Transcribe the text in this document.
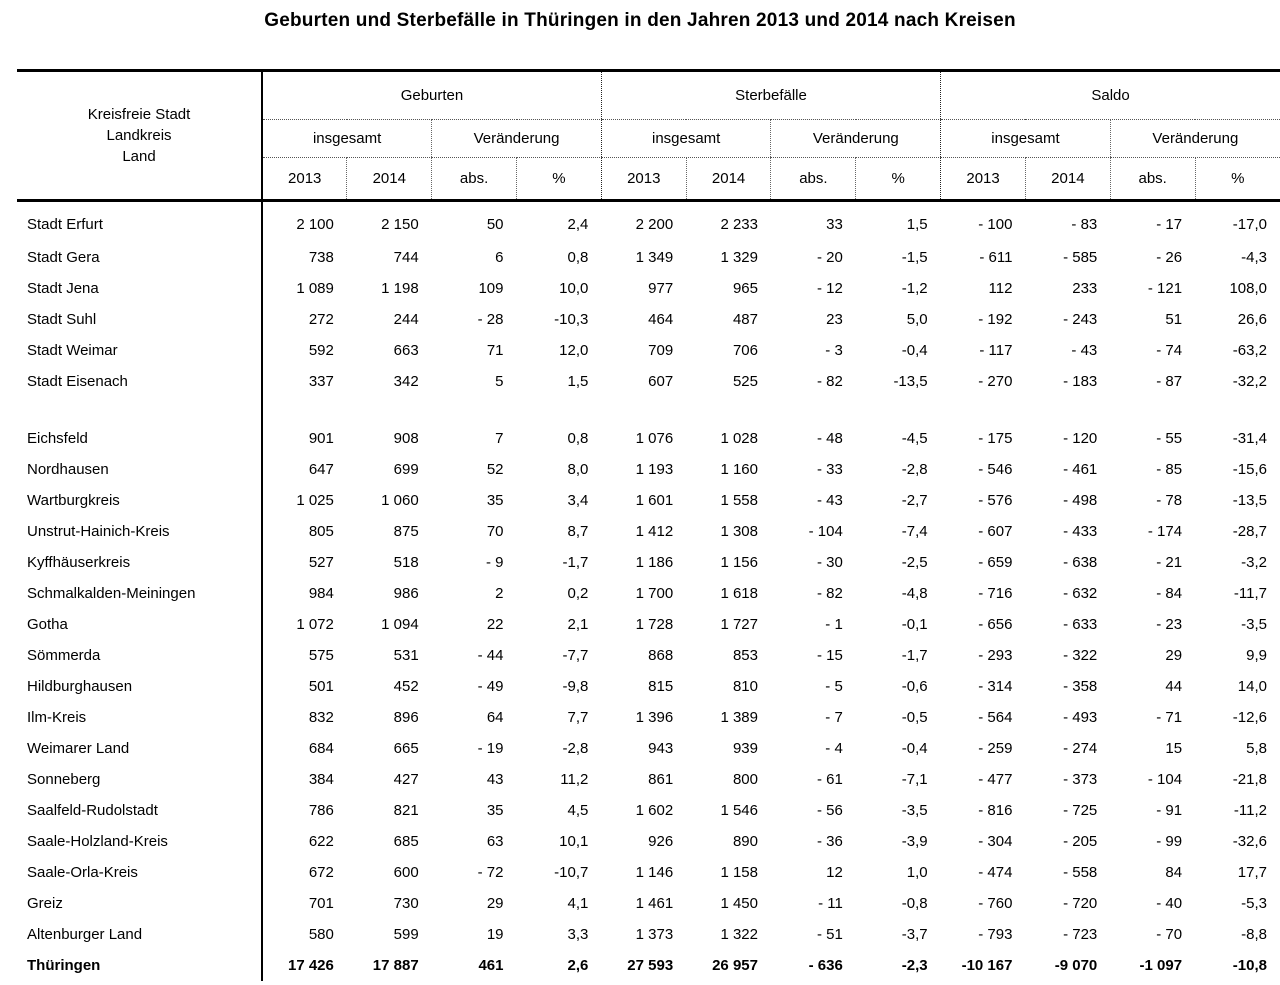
Geburten und Sterbefälle in Thüringen in den Jahren 2013 und 2014 nach Kreisen
Kreisfreie Stadt
Landkreis
Land	Geburten				Sterbefälle				Saldo			
	insgesamt		Veränderung		insgesamt		Veränderung		insgesamt		Veränderung	
	2013	2014	abs.	%	2013	2014	abs.	%	2013	2014	abs.	%
Stadt Erfurt	2 100	2 150	50	2,4	2 200	2 233	33	1,5	- 100	- 83	- 17	-17,0
Stadt Gera	738	744	6	0,8	1 349	1 329	- 20	-1,5	- 611	- 585	- 26	-4,3
Stadt Jena	1 089	1 198	109	10,0	977	965	- 12	-1,2	112	233	- 121	108,0
Stadt Suhl	272	244	- 28	-10,3	464	487	23	5,0	- 192	- 243	51	26,6
Stadt Weimar	592	663	71	12,0	709	706	- 3	-0,4	- 117	- 43	- 74	-63,2
Stadt Eisenach	337	342	5	1,5	607	525	- 82	-13,5	- 270	- 183	- 87	-32,2

Eichsfeld	901	908	7	0,8	1 076	1 028	- 48	-4,5	- 175	- 120	- 55	-31,4
Nordhausen	647	699	52	8,0	1 193	1 160	- 33	-2,8	- 546	- 461	- 85	-15,6
Wartburgkreis	1 025	1 060	35	3,4	1 601	1 558	- 43	-2,7	- 576	- 498	- 78	-13,5
Unstrut-Hainich-Kreis	805	875	70	8,7	1 412	1 308	- 104	-7,4	- 607	- 433	- 174	-28,7
Kyffhäuserkreis	527	518	- 9	-1,7	1 186	1 156	- 30	-2,5	- 659	- 638	- 21	-3,2
Schmalkalden-Meiningen	984	986	2	0,2	1 700	1 618	- 82	-4,8	- 716	- 632	- 84	-11,7
Gotha	1 072	1 094	22	2,1	1 728	1 727	- 1	-0,1	- 656	- 633	- 23	-3,5
Sömmerda	575	531	- 44	-7,7	868	853	- 15	-1,7	- 293	- 322	29	9,9
Hildburghausen	501	452	- 49	-9,8	815	810	- 5	-0,6	- 314	- 358	44	14,0
Ilm-Kreis	832	896	64	7,7	1 396	1 389	- 7	-0,5	- 564	- 493	- 71	-12,6
Weimarer Land	684	665	- 19	-2,8	943	939	- 4	-0,4	- 259	- 274	15	5,8
Sonneberg	384	427	43	11,2	861	800	- 61	-7,1	- 477	- 373	- 104	-21,8
Saalfeld-Rudolstadt	786	821	35	4,5	1 602	1 546	- 56	-3,5	- 816	- 725	- 91	-11,2
Saale-Holzland-Kreis	622	685	63	10,1	926	890	- 36	-3,9	- 304	- 205	- 99	-32,6
Saale-Orla-Kreis	672	600	- 72	-10,7	1 146	1 158	12	1,0	- 474	- 558	84	17,7
Greiz	701	730	29	4,1	1 461	1 450	- 11	-0,8	- 760	- 720	- 40	-5,3
Altenburger Land	580	599	19	3,3	1 373	1 322	- 51	-3,7	- 793	- 723	- 70	-8,8
Thüringen	17 426	17 887	461	2,6	27 593	26 957	- 636	-2,3	-10 167	-9 070	-1 097	-10,8
